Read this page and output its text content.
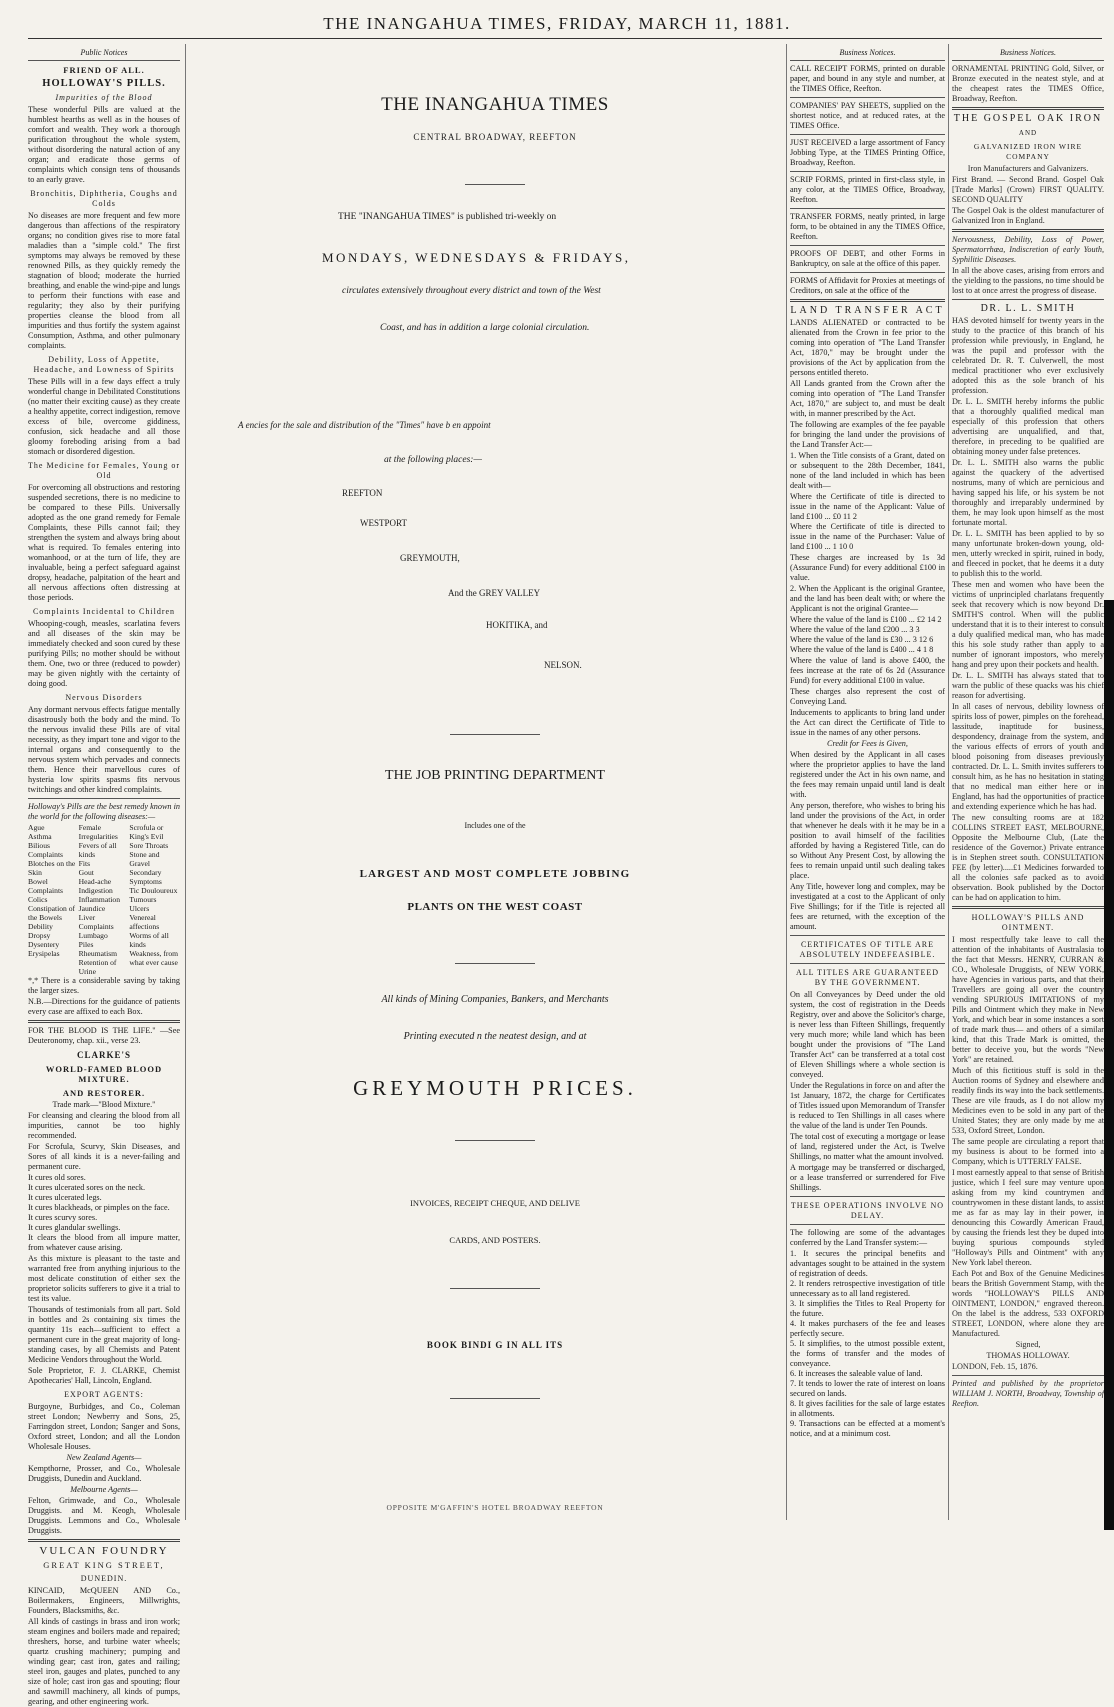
THE INANGAHUA TIMES, FRIDAY, MARCH 11, 1881.
Public Notices
FRIEND OF ALL.
HOLLOWAY'S PILLS.
Impurities of the Blood

These wonderful Pills are valued at the humblest hearths as well as in the houses of comfort and wealth. They work a thorough purification throughout the whole system, without disordering the natural action of any organ; and eradicate those germs of complaints which consign tens of thousands to an early grave.

Bronchitis, Diphtheria, Coughs and Colds

No diseases are more frequent and few more dangerous than affections of the respiratory organs; no condition gives rise to more fatal maladies than a "simple cold." The first symptoms may always be removed by these renowned Pills, as they quickly remedy the stagnation of blood; moderate the hurried breathing, and enable the wind-pipe and lungs to perform their functions with ease and regularity; they also by their purifying properties cleanse the blood from all impurities and thus fortify the system against Consumption, Asthma, and other pulmonary complaints.

Debility, Loss of Appetite, Headache, and Lowness of Spirits

These Pills will in a few days effect a truly wonderful change in Debilitated Constitutions (no matter their exciting cause) as they create a healthy appetite, correct indigestion, remove excess of bile, overcome giddiness, confusion, sick headache and all those gloomy foreboding arising from a bad stomach or disordered digestion.

The Medicine for Females, Young or Old

For overcoming all obstructions and restoring suspended secretions, there is no medicine to be compared to these Pills. Universally adopted as the one grand remedy for Female Complaints, these Pills cannot fail; they strengthen the system and always bring about what is required. To females entering into womanhood, or at the turn of life, they are invaluable, being a perfect safeguard against dropsy, headache, palpitation of the heart and all nervous affections often distressing at those periods.

Complaints Incidental to Children

Whooping-cough, measles, scarlatina fevers and all diseases of the skin may be immediately checked and soon cured by these purifying Pills; no mother should be without them. One, two or three (reduced to powder) may be given nightly with the certainty of doing good.

Nervous Disorders

Any dormant nervous effects fatigue mentally disastrously both the body and the mind. To the nervous invalid these Pills are of vital necessity, as they impart tone and vigor to the internal organs and consequently to the nervous system which pervades and connects them. Hence their marvellous cures of hysteria low spirits spasms fits nervous twitchings and other kindred complaints.

Holloway's Pills are the best remedy known in the world for the following diseases:—

Ague
Asthma
Bilious Complaints
Blotches on the Skin
Bowel Complaints
Colics
Constipation of the Bowels
Debility
Dropsy
Dysentery
Erysipelas
Female Irregularities
Fevers of all kinds
Fits
Gout
Head-ache
Indigestion
Inflammation
Jaundice
Liver Complaints
Lumbago
Piles
Rheumatism
Retention of Urine
Scrofula or King's Evil
Sore Throats
Stone and Gravel
Secondary Symptoms
Tic Douloureux
Tumours
Ulcers
Venereal affections
Worms of all kinds
Weakness, from what ever cause

*,* There is a considerable saving by taking the larger sizes.

N.B.—Directions for the guidance of patients every case are affixed to each Box.

FOR THE BLOOD IS THE LIFE." —See Deuteronomy, chap. xii., verse 23.

CLARKE'S
WORLD-FAMED BLOOD MIXTURE.
AND RESTORER.

Trade mark—"Blood Mixture."

For cleansing and clearing the blood from all impurities, cannot be too highly recommended.

For Scrofula, Scurvy, Skin Diseases, and Sores of all kinds it is a never-failing and permanent cure.

It cures old sores.
It cures ulcerated sores on the neck.
It cures ulcerated legs.
It cures blackheads, or pimples on the face.
It cures scurvy sores.
It cures glandular swellings.
It clears the blood from all impure matter, from whatever cause arising.

As this mixture is pleasant to the taste and warranted free from anything injurious to the most delicate constitution of either sex the proprietor solicits sufferers to give it a trial to test its value.

Thousands of testimonials from all part. Sold in bottles and 2s containing six times the quantity 11s each—sufficient to effect a permanent cure in the great majority of long-standing cases, by all Chemists and Patent Medicine Vendors throughout the World.

Sole Proprietor, F. J. CLARKE, Chemist Apothecaries' Hall, Lincoln, England.

EXPORT AGENTS:

Burgoyne, Burbidges, and Co., Coleman street London; Newberry and Sons, 25, Farringdon street, London; Sanger and Sons, Oxford street, London; and all the London Wholesale Houses.

New Zealand Agents—

Kempthorne, Prosser, and Co., Wholesale Druggists, Dunedin and Auckland.

Melbourne Agents—

Felton, Grimwade, and Co., Wholesale Druggists. and M. Keogh, Wholesale Druggists. Lemmons and Co., Wholesale Druggists.

VULCAN FOUNDRY
GREAT KING STREET,
DUNEDIN.

KINCAID, McQUEEN AND Co., Boilermakers, Engineers, Millwrights, Founders, Blacksmiths, &c.

All kinds of castings in brass and iron work; steam engines and boilers made and repaired; threshers, horse, and turbine water wheels; quartz crushing machinery; pumping and winding gear; cast iron, gates and railing; steel iron, gauges and plates, punched to any size of hole; cast iron gas and spouting; flour and sawmill machinery, all kinds of pumps, gearing, and other engineering work.

THE INANGAHUA TIMES
CENTRAL BROADWAY, REEFTON
THE "INANGAHUA TIMES" is published tri-weekly on
MONDAYS, WEDNESDAYS & FRIDAYS,
circulates extensively throughout every district and town of the West
Coast, and has in addition a large colonial circulation.
A encies for the sale and distribution of the "Times" have b en appoint
at the following places:—
REEFTON
WESTPORT
GREYMOUTH,
And the GREY VALLEY
HOKITIKA, and
NELSON.
THE JOB PRINTING DEPARTMENT
Includes one of the
LARGEST AND MOST COMPLETE JOBBING
PLANTS ON THE WEST COAST
All kinds of Mining Companies, Bankers, and Merchants
Printing executed n the neatest design, and at
GREYMOUTH PRICES.
INVOICES, RECEIPT CHEQUE, AND DELIVE
CARDS, AND POSTERS.
BOOK BINDI G IN ALL ITS
OPPOSITE M'GAFFIN'S HOTEL BROADWAY REEFTON
Business Notices.

CALL RECEIPT FORMS, printed on durable paper, and bound in any style and number, at the TIMES Office, Reefton.

COMPANIES' PAY SHEETS, supplied on the shortest notice, and at reduced rates, at the TIMES Office.

JUST RECEIVED a large assortment of Fancy Jobbing Type, at the TIMES Printing Office, Broadway, Reefton.

SCRIP FORMS, printed in first-class style, in any color, at the TIMES Office, Broadway, Reefton.

TRANSFER FORMS, neatly printed, in large form, to be obtained in any the TIMES Office, Reefton.

PROOFS OF DEBT, and other Forms in Bankruptcy, on sale at the office of this paper.

FORMS of Affidavit for Proxies at meetings of Creditors, on sale at the office of the

LAND TRANSFER ACT

LANDS ALIENATED or contracted to be alienated from the Crown in fee prior to the coming into operation of "The Land Transfer Act, 1870," may be brought under the provisions of the Act by application from the persons entitled thereto.

All Lands granted from the Crown after the coming into operation of "The Land Transfer Act, 1870," are subject to, and must be dealt with, in manner prescribed by the Act.

The following are examples of the fee payable for bringing the land under the provisions of the Land Transfer Act:—

1. When the Title consists of a Grant, dated on or subsequent to the 28th December, 1841, none of the land included in which has been dealt with—

Where the Certificate of title is directed to issue in the name of the Applicant: Value of land £100 ... £0 11 2
Where the Certificate of title is directed to issue in the name of the Purchaser: Value of land £100 ... 1 10 0

These charges are increased by 1s 3d (Assurance Fund) for every additional £100 in value.

2. When the Applicant is the original Grantee, and the land has been dealt with; or where the Applicant is not the original Grantee—

Where the value of the land is £100 ... £2 14 2
Where the value of the land £200 ... 3 3
Where the value of the land is £30 ... 3 12 6
Where the value of the land is £400 ... 4 1 8

Where the value of land is above £400, the fees increase at the rate of 6s 2d (Assurance Fund) for every additional £100 in value.

These charges also represent the cost of Conveying Land.

Inducements to applicants to bring land under the Act can direct the Certificate of Title to issue in the names of any other persons.

Credit for Fees is Given,

When desired by the Applicant in all cases where the proprietor applies to have the land registered under the Act in his own name, and the fees may remain unpaid until land is dealt with.

Any person, therefore, who wishes to bring his land under the provisions of the Act, in order that whenever he deals with it he may be in a position to avail himself of the facilities afforded by having a Registered Title, can do so Without Any Present Cost, by allowing the fees to remain unpaid until such dealing takes place.

Any Title, however long and complex, may be investigated at a cost to the Applicant of only Five Shillings; for if the Title is rejected all fees are returned, with the exception of the amount.

CERTIFICATES OF TITLE ARE ABSOLUTELY INDEFEASIBLE.
ALL TITLES ARE GUARANTEED BY THE GOVERNMENT.

On all Conveyances by Deed under the old system, the cost of registration in the Deeds Registry, over and above the Solicitor's charge, is never less than Fifteen Shillings, frequently very much more; while land which has been bought under the provisions of "The Land Transfer Act" can be transferred at a total cost of Eleven Shillings where a whole section is conveyed.

Under the Regulations in force on and after the 1st January, 1872, the charge for Certificates of Titles issued upon Memorandum of Transfer is reduced to Ten Shillings in all cases where the value of the land is under Ten Pounds.

The total cost of executing a mortgage or lease of land, registered under the Act, is Twelve Shillings, no matter what the amount involved.

A mortgage may be transferred or discharged, or a lease transferred or surrendered for Five Shillings.

THESE OPERATIONS INVOLVE NO DELAY.

The following are some of the advantages conferred by the Land Transfer system:—

1. It secures the principal benefits and advantages sought to be attained in the system of registration of deeds.
2. It renders retrospective investigation of title unnecessary as to all land registered.
3. It simplifies the Titles to Real Property for the future.
4. It makes purchasers of the fee and leases perfectly secure.
5. It simplifies, to the utmost possible extent, the forms of transfer and the modes of conveyance.
6. It increases the saleable value of land.
7. It tends to lower the rate of interest on loans secured on lands.
8. It gives facilities for the sale of large estates in allotments.
9. Transactions can be effected at a moment's notice, and at a minimum cost.

Business Notices.

ORNAMENTAL PRINTING Gold, Silver, or Bronze executed in the neatest style, and at the cheapest rates the TIMES Office, Broadway, Reefton.

THE GOSPEL OAK IRON
AND
GALVANIZED IRON WIRE COMPANY

Iron Manufacturers and Galvanizers.

First Brand. — Second Brand. Gospel Oak [Trade Marks] (Crown) FIRST QUALITY. SECOND QUALITY

The Gospel Oak is the oldest manufacturer of Galvanized Iron in England.

Nervousness, Debility, Loss of Power, Spermatorrhœa, Indiscretion of early Youth, Syphilitic Diseases.

In all the above cases, arising from errors and the yielding to the passions, no time should be lost to at once arrest the progress of disease.

DR. L. L. SMITH

HAS devoted himself for twenty years in the study to the practice of this branch of his profession while previously, in England, he was the pupil and professor with the celebrated Dr. R. T. Culverwell, the most medical practitioner who ever exclusively adopted this as the sole branch of his profession.

Dr. L. L. SMITH hereby informs the public that a thoroughly qualified medical man especially of this profession that others advertising are unqualified, and that, therefore, in preceding to be qualified are obtaining money under false pretences.

Dr. L. L. SMITH also warns the public against the quackery of the advertised nostrums, many of which are pernicious and having sapped his life, or his system be not thoroughly and irreparably undermined by them, he may look upon himself as the most fortunate mortal.

Dr. L. L. SMITH has been applied to by so many unfortunate broken-down young, old-men, utterly wrecked in spirit, ruined in body, and fleeced in pocket, that he deems it a duty to publish this to the world.

These men and women who have been the victims of unprincipled charlatans frequently seek that recovery which is now beyond Dr. SMITH'S control. When will the public understand that it is to their interest to consult a duly qualified medical man, who has made this his sole study rather than apply to a number of ignorant impostors, who merely hang and prey upon their pockets and health.

Dr. L. L. SMITH has always stated that to warn the public of these quacks was his chief reason for advertising.

In all cases of nervous, debility lowness of spirits loss of power, pimples on the forehead, lassitude, inaptitude for business, despondency, drainage from the system, and the various effects of errors of youth and blood poisoning from diseases previously contracted. Dr. L. L. Smith invites sufferers to consult him, as he has no hesitation in stating that no medical man either here or in England, has had the opportunities of practice and extending experience which he has had.

The new consulting rooms are at 182 COLLINS STREET EAST, MELBOURNE, Opposite the Melbourne Club, (Late the residence of the Governor.) Private entrance is in Stephen street south. CONSULTATION FEE (by letter).....£1 Medicines forwarded to all the colonies safe packed as to avoid observation. Book published by the Doctor can be had on application to him.

HOLLOWAY'S PILLS AND OINTMENT.

I most respectfully take leave to call the attention of the inhabitants of Australasia to the fact that Messrs. HENRY, CURRAN & CO., Wholesale Druggists, of NEW YORK, have Agencies in various parts, and that their Travellers are going all over the country vending SPURIOUS IMITATIONS of my Pills and Ointment which they make in New York, and which bear in some instances a sort of trade mark thus— and others of a similar kind, that this Trade Mark is omitted, the better to deceive you, but the words "New York" are retained.

Much of this fictitious stuff is sold in the Auction rooms of Sydney and elsewhere and readily finds its way into the back settlements. These are vile frauds, as I do not allow my Medicines even to be sold in any part of the United States; they are only made by me at 533, Oxford Street, London.

The same people are circulating a report that my business is about to be formed into a Company, which is UTTERLY FALSE.

I most earnestly appeal to that sense of British justice, which I feel sure may venture upon asking from my kind countrymen and countrywomen in these distant lands, to assist me as far as may lay in their power, in denouncing this Cowardly American Fraud, by causing the friends lest they be duped into buying spurious compounds styled "Holloway's Pills and Ointment" with any New York label thereon.

Each Pot and Box of the Genuine Medicines bears the British Government Stamp, with the words "HOLLOWAY'S PILLS AND OINTMENT, LONDON," engraved thereon. On the label is the address, 533 OXFORD STREET, LONDON, where alone they are Manufactured.

Signed,

THOMAS HOLLOWAY.

LONDON, Feb. 15, 1876.

Printed and published by the proprietor WILLIAM J. NORTH, Broadway, Township of Reefton.
